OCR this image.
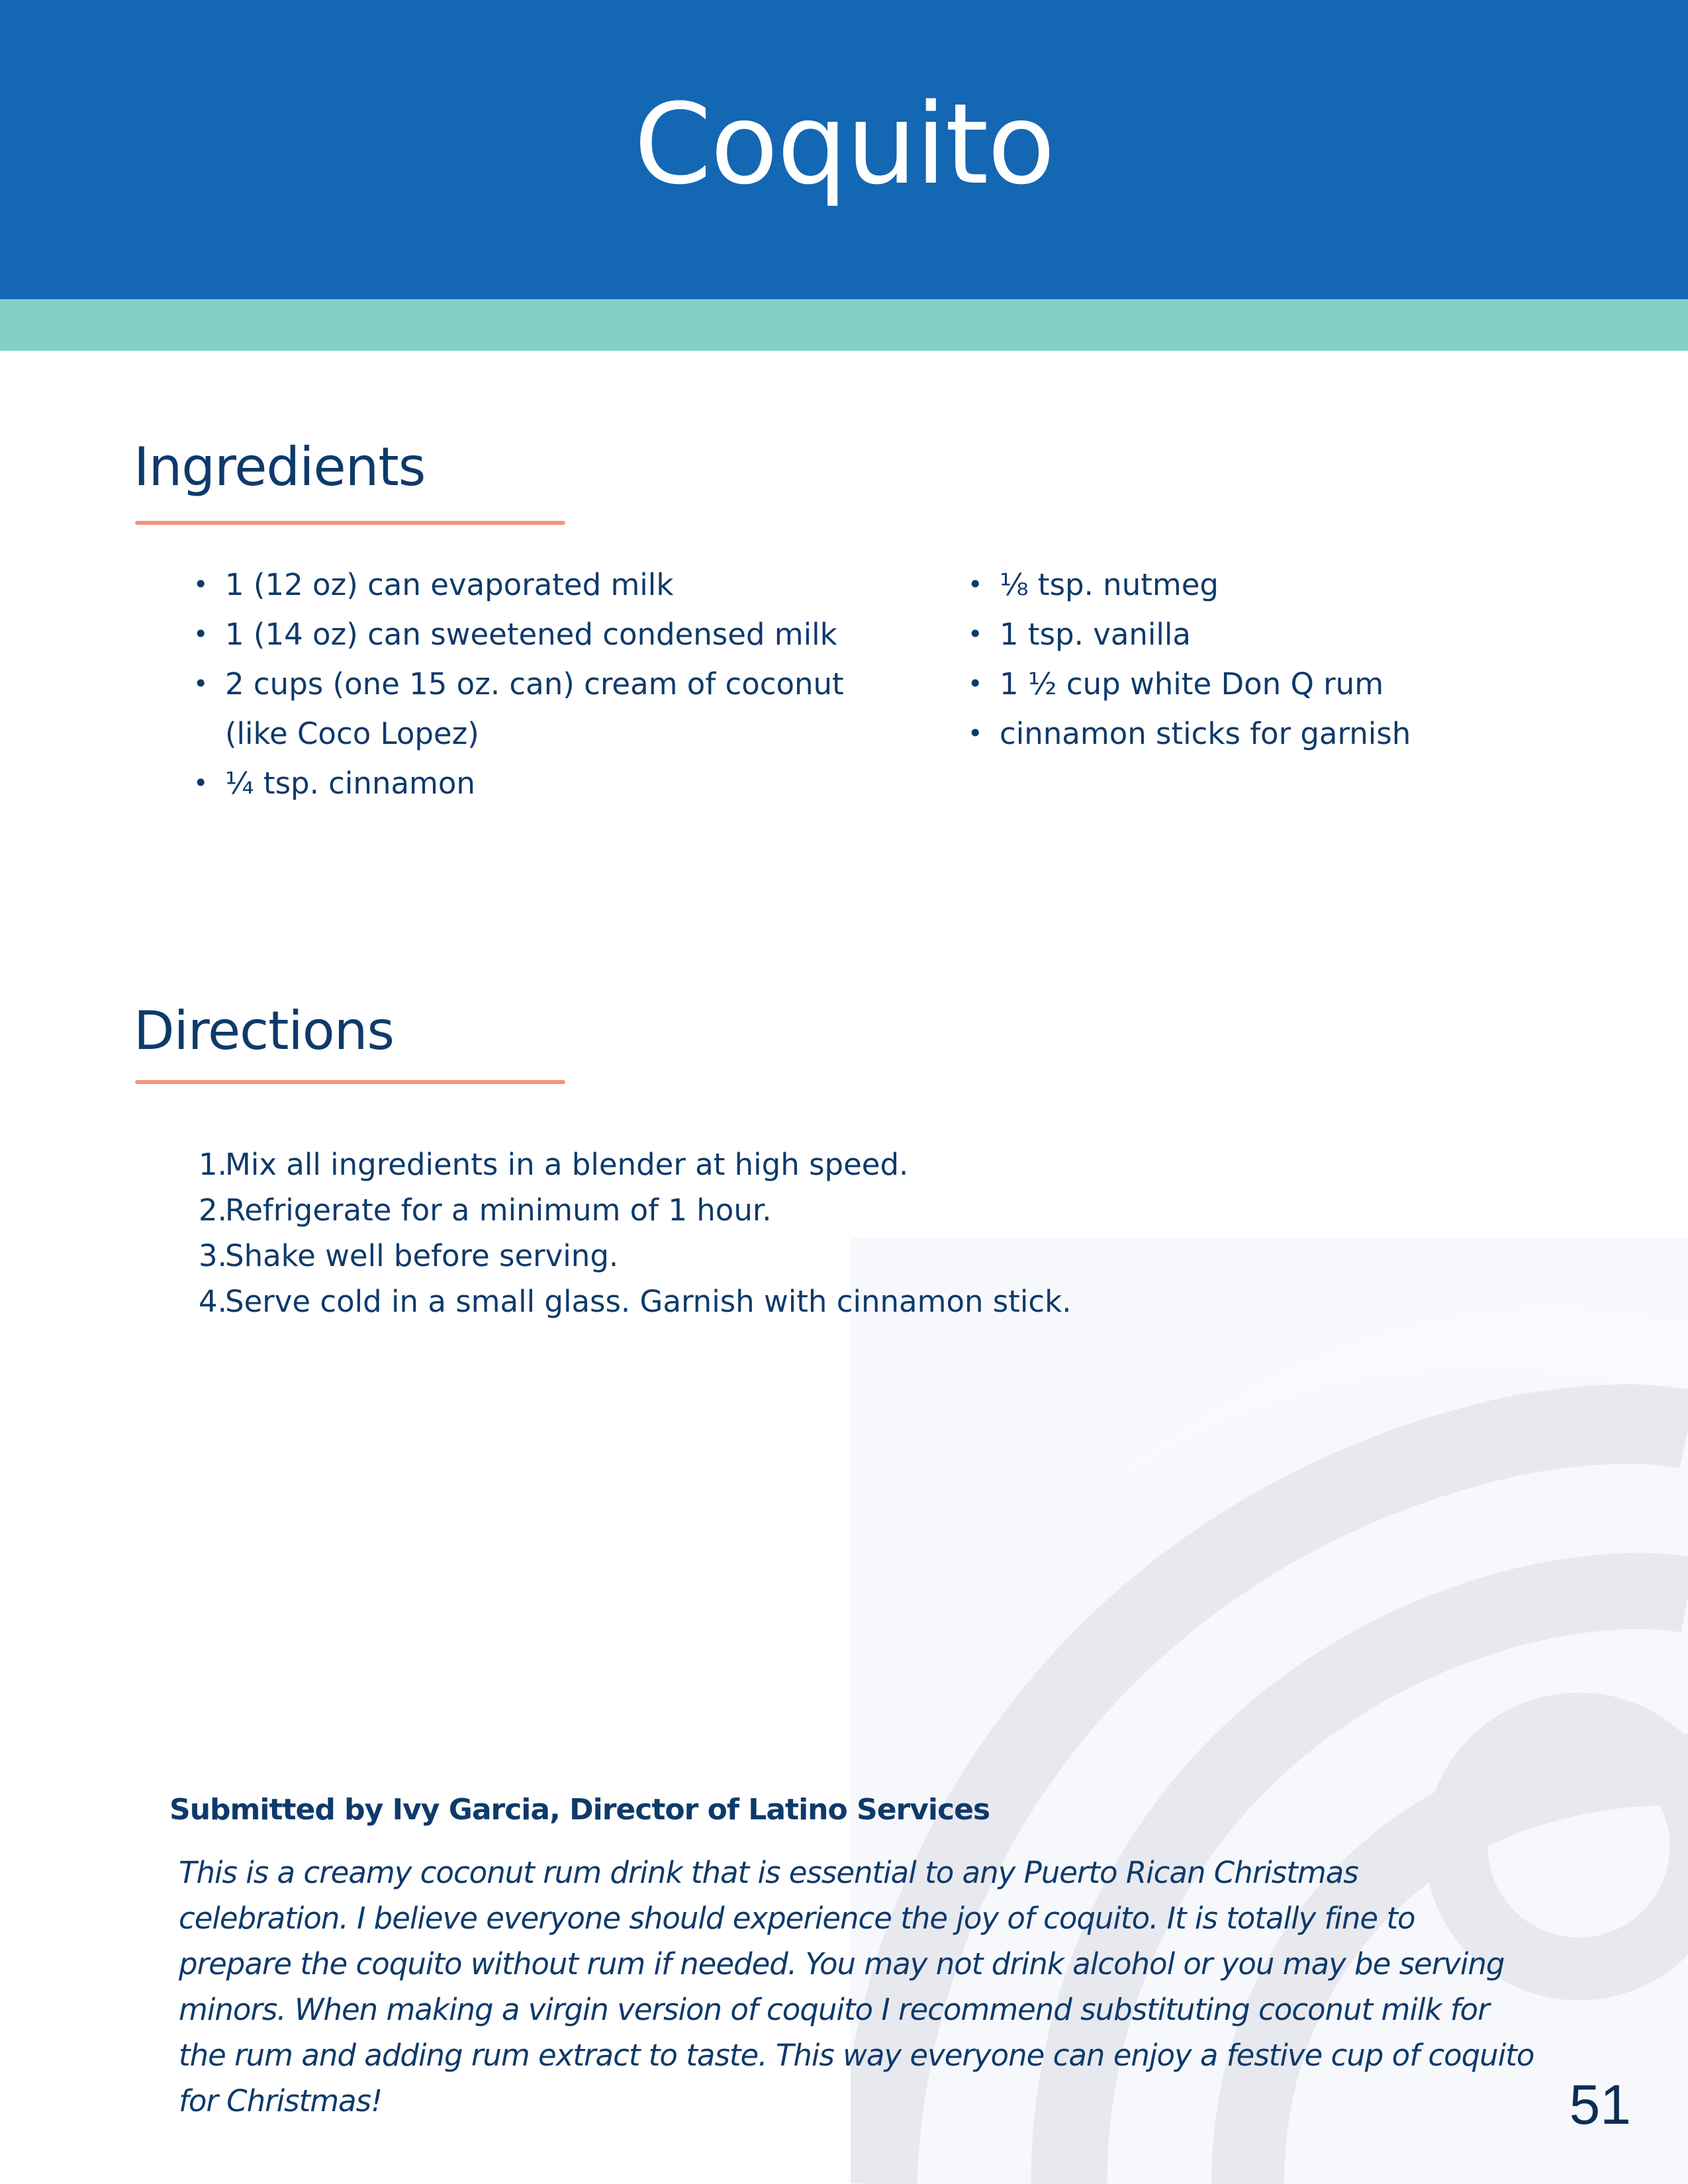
Coquito
Ingredients
• 1 (12 oz) can evaporated milk
• 1 (14 oz) can sweetened condensed milk
• 2 cups (one 15 oz. can) cream of coconut (like Coco Lopez)
• ¼ tsp. cinnamon
• ⅛ tsp. nutmeg
• 1 tsp. vanilla
• 1 ½ cup white Don Q rum
• cinnamon sticks for garnish
Directions
1.
Mix all ingredients in a blender at high speed.
2.
Refrigerate for a minimum of 1 hour.
3.
Shake well before serving.
4.
Serve cold in a small glass. Garnish with cinnamon stick.
Submitted by Ivy Garcia, Director of Latino Services

This is a creamy coconut rum drink that is essential to any Puerto Rican Christmas celebration. I believe everyone should experience the joy of coquito. It is totally fine to prepare the coquito without rum if needed. You may not drink alcohol or you may be serving minors. When making a virgin version of coquito I recommend substituting coconut milk for the rum and adding rum extract to taste. This way everyone can enjoy a festive cup of coquito for Christmas!	51
